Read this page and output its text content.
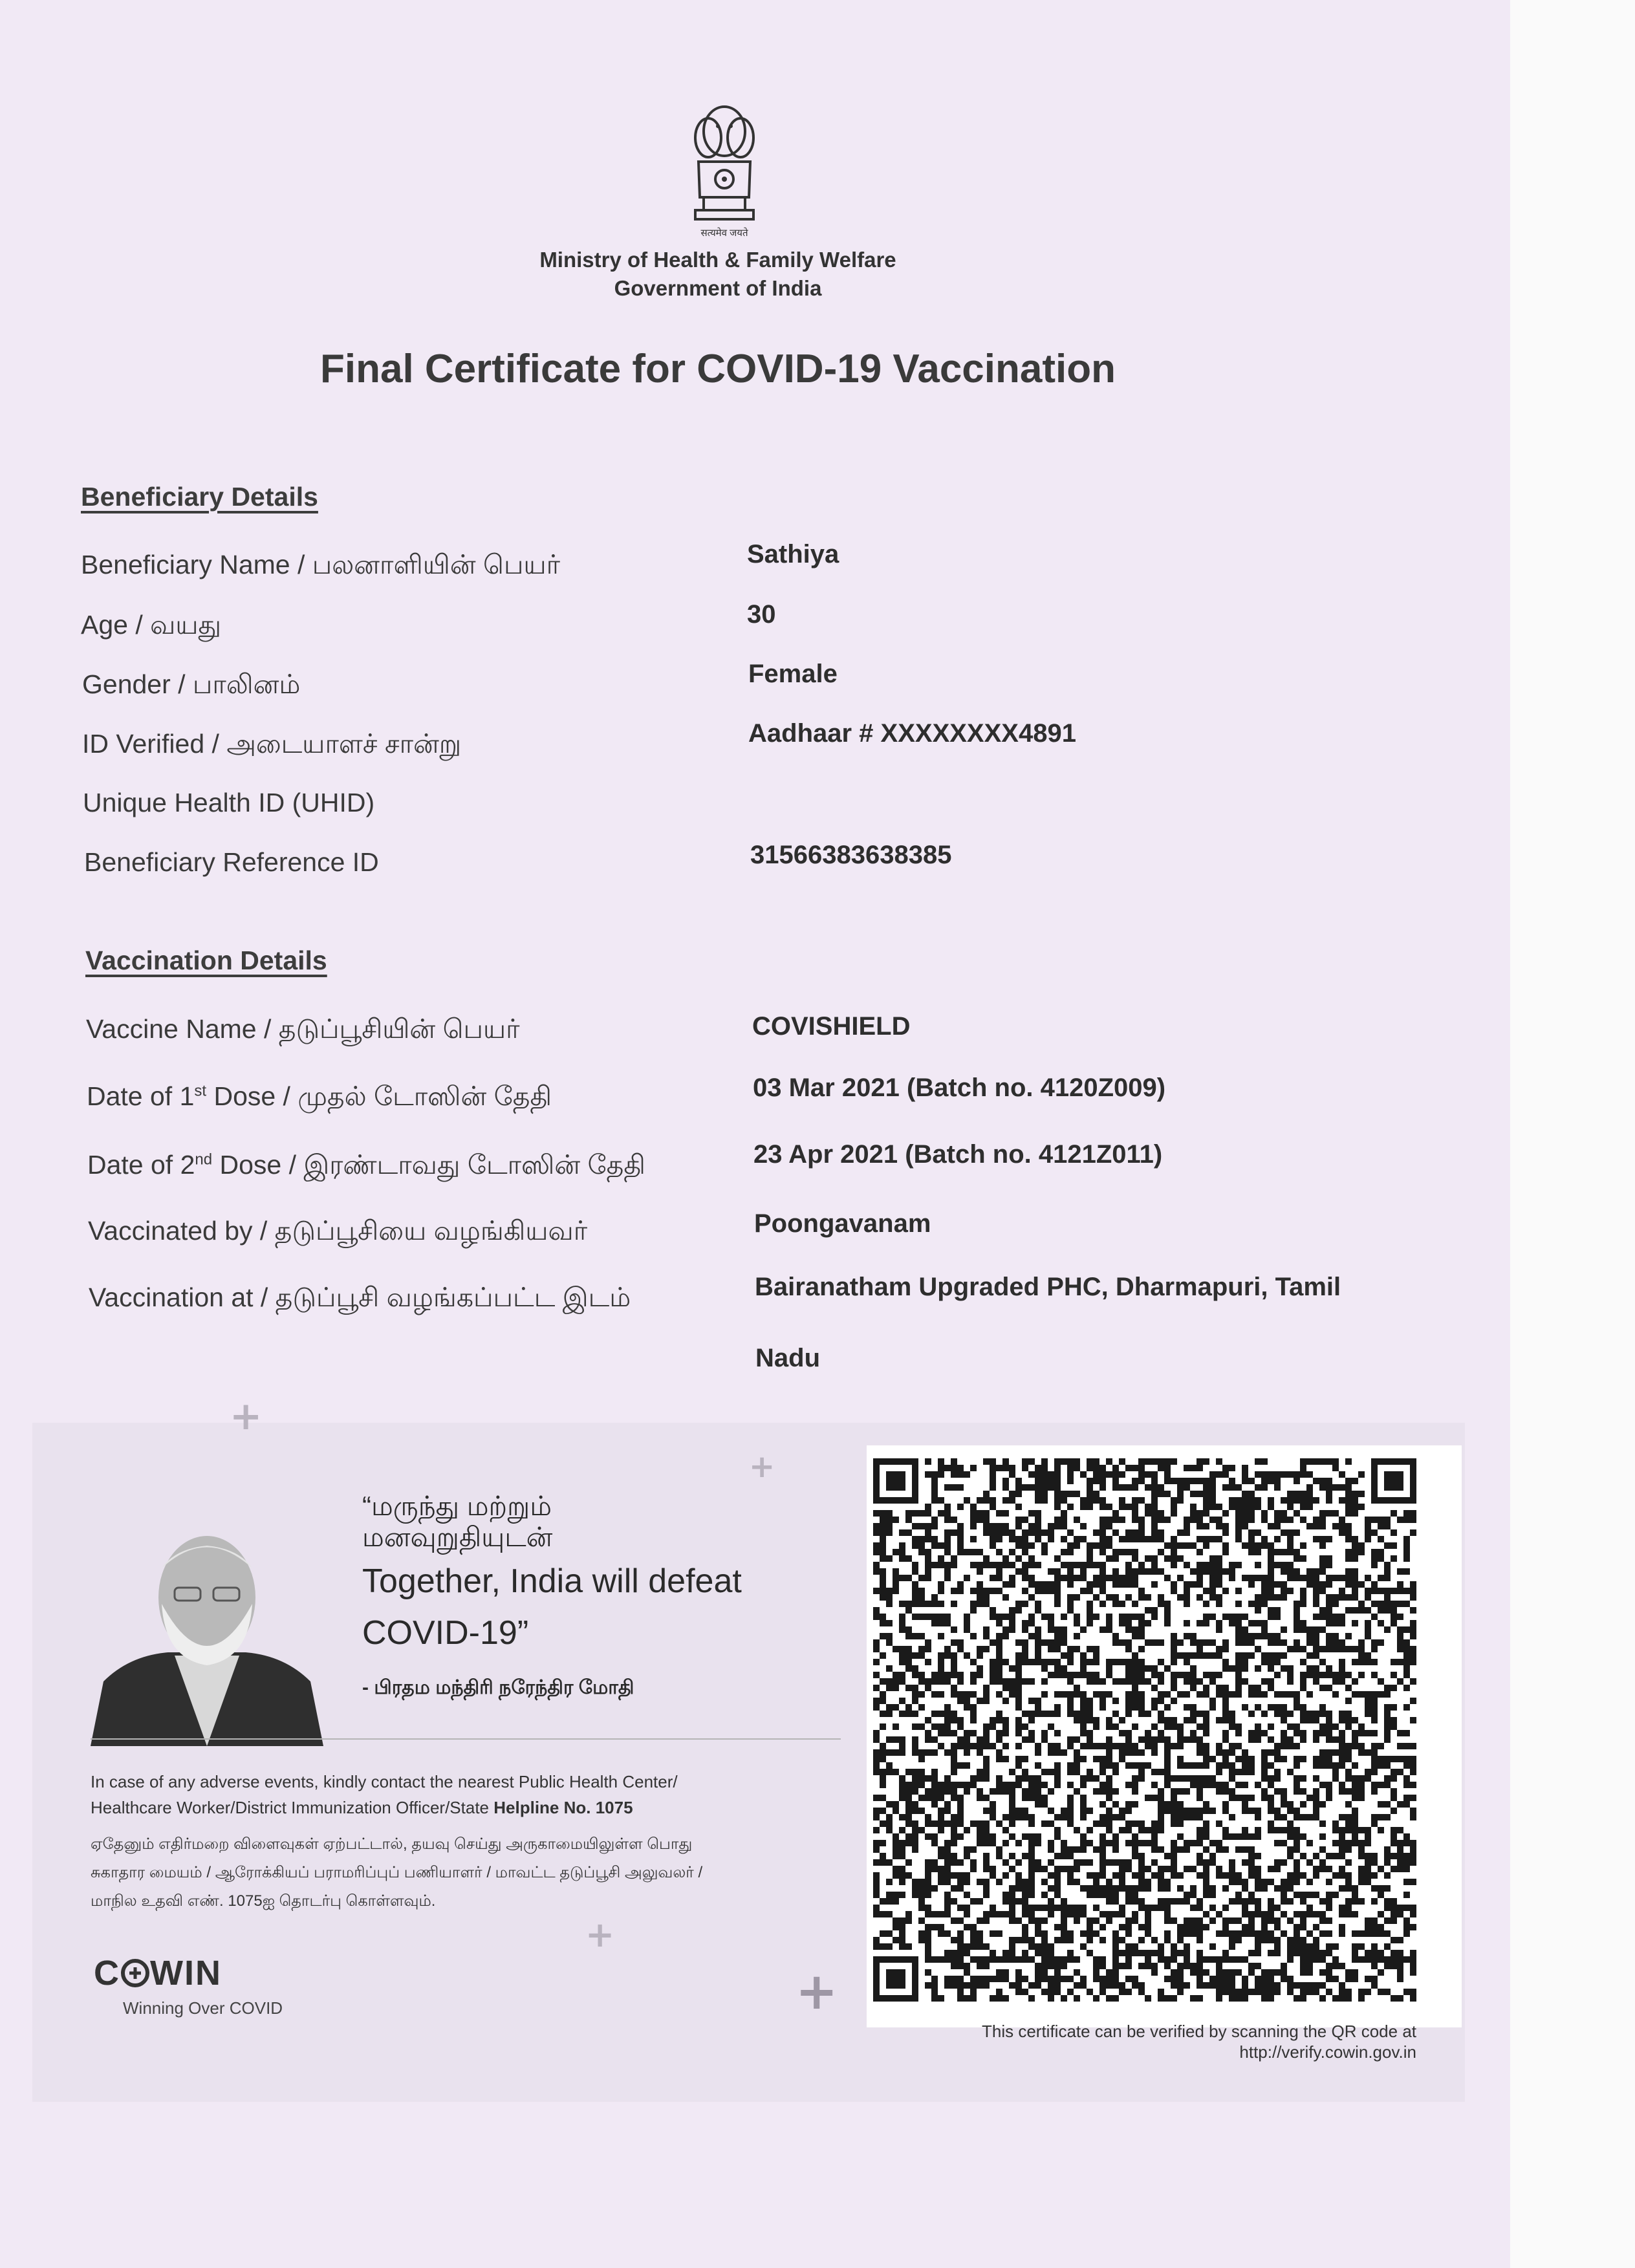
सत्यमेव जयते
Ministry of Health & Family Welfare
Government of India
Final Certificate for COVID-19 Vaccination
Beneficiary Details
Beneficiary Name / பலனாளியின் பெயர்	Sathiya
Age / வயது	30
Gender / பாலினம்	Female
ID Verified / அடையாளச் சான்று	Aadhaar # XXXXXXXX4891
Unique Health ID (UHID)
Beneficiary Reference ID	31566383638385
Vaccination Details
Vaccine Name / தடுப்பூசியின் பெயர்	COVISHIELD
Date of 1st Dose / முதல் டோஸின் தேதி	03 Mar 2021 (Batch no. 4120Z009)
Date of 2nd Dose / இரண்டாவது டோஸின் தேதி	23 Apr 2021 (Batch no. 4121Z011)
Vaccinated by / தடுப்பூசியை வழங்கியவர்	Poongavanam
Vaccination at / தடுப்பூசி வழங்கப்பட்ட இடம்	Bairanatham Upgraded PHC, Dharmapuri, Tamil
Nadu
+
+
+
+
“மருந்து மற்றும்
மனவுறுதியுடன்
Together, India will defeat
COVID-19”
- பிரதம மந்திரி நரேந்திர மோதி
In case of any adverse events, kindly contact the nearest Public Health Center/
Healthcare Worker/District Immunization Officer/State Helpline No. 1075
ஏதேனும் எதிர்மறை விளைவுகள் ஏற்பட்டால், தயவு செய்து அருகாமையிலுள்ள பொது
சுகாதார மையம் / ஆரோக்கியப் பராமரிப்புப் பணியாளர் / மாவட்ட தடுப்பூசி அலுவலர் /
மாநில உதவி எண். 1075ஐ தொடர்பு கொள்ளவும்.
C WIN
Winning Over COVID
This certificate can be verified by scanning the QR code at
http://verify.cowin.gov.in
